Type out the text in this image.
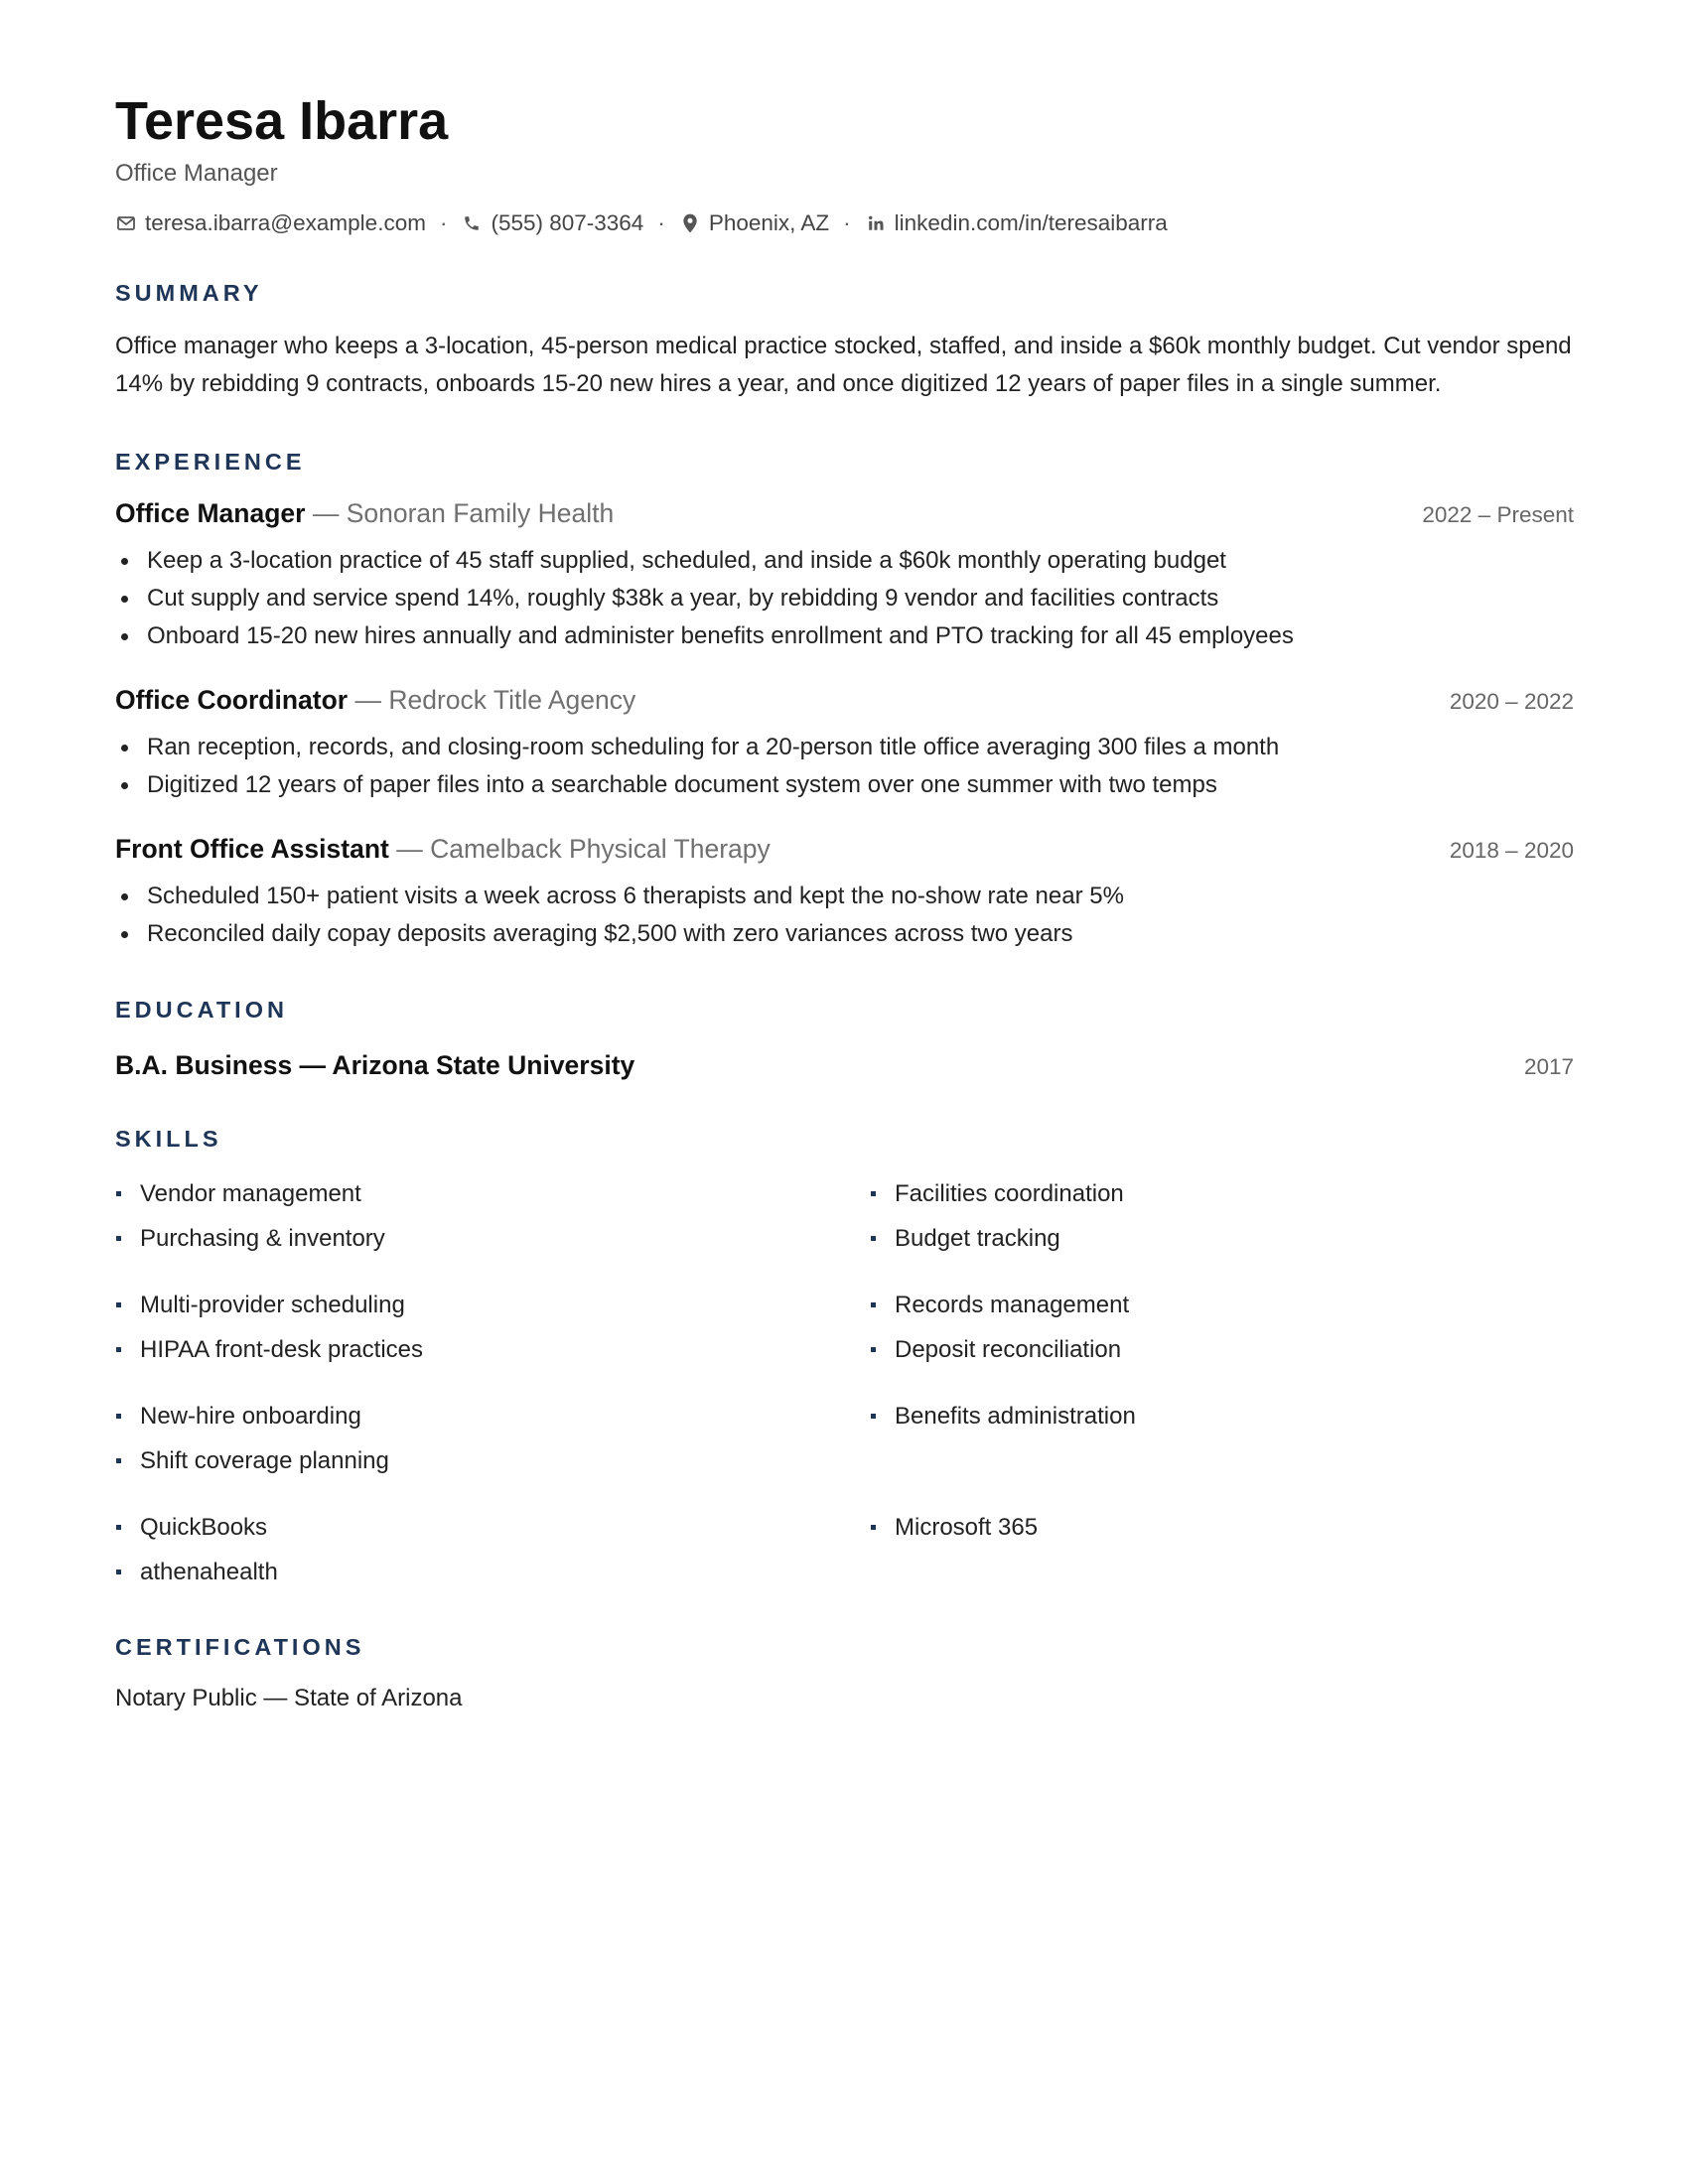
Teresa Ibarra
Office Manager
teresa.ibarra@example.com · (555) 807-3364 · Phoenix, AZ · linkedin.com/in/teresaibarra
SUMMARY

Office manager who keeps a 3-location, 45-person medical practice stocked, staffed, and inside a $60k monthly budget. Cut vendor spend 14% by rebidding 9 contracts, onboards 15-20 new hires a year, and once digitized 12 years of paper files in a single summer.

EXPERIENCE
Office Manager — Sonoran Family Health	2022 – Present
Keep a 3-location practice of 45 staff supplied, scheduled, and inside a $60k monthly operating budget
Cut supply and service spend 14%, roughly $38k a year, by rebidding 9 vendor and facilities contracts
Onboard 15-20 new hires annually and administer benefits enrollment and PTO tracking for all 45 employees
Office Coordinator — Redrock Title Agency	2020 – 2022
Ran reception, records, and closing-room scheduling for a 20-person title office averaging 300 files a month
Digitized 12 years of paper files into a searchable document system over one summer with two temps
Front Office Assistant — Camelback Physical Therapy	2018 – 2020
Scheduled 150+ patient visits a week across 6 therapists and kept the no-show rate near 5%
Reconciled daily copay deposits averaging $2,500 with zero variances across two years
EDUCATION
B.A. Business — Arizona State University	2017
SKILLS
Vendor management
Purchasing & inventory
Facilities coordination
Budget tracking
Multi-provider scheduling
HIPAA front-desk practices
Records management
Deposit reconciliation
New-hire onboarding
Shift coverage planning
Benefits administration
QuickBooks
athenahealth
Microsoft 365
CERTIFICATIONS
Notary Public — State of Arizona
